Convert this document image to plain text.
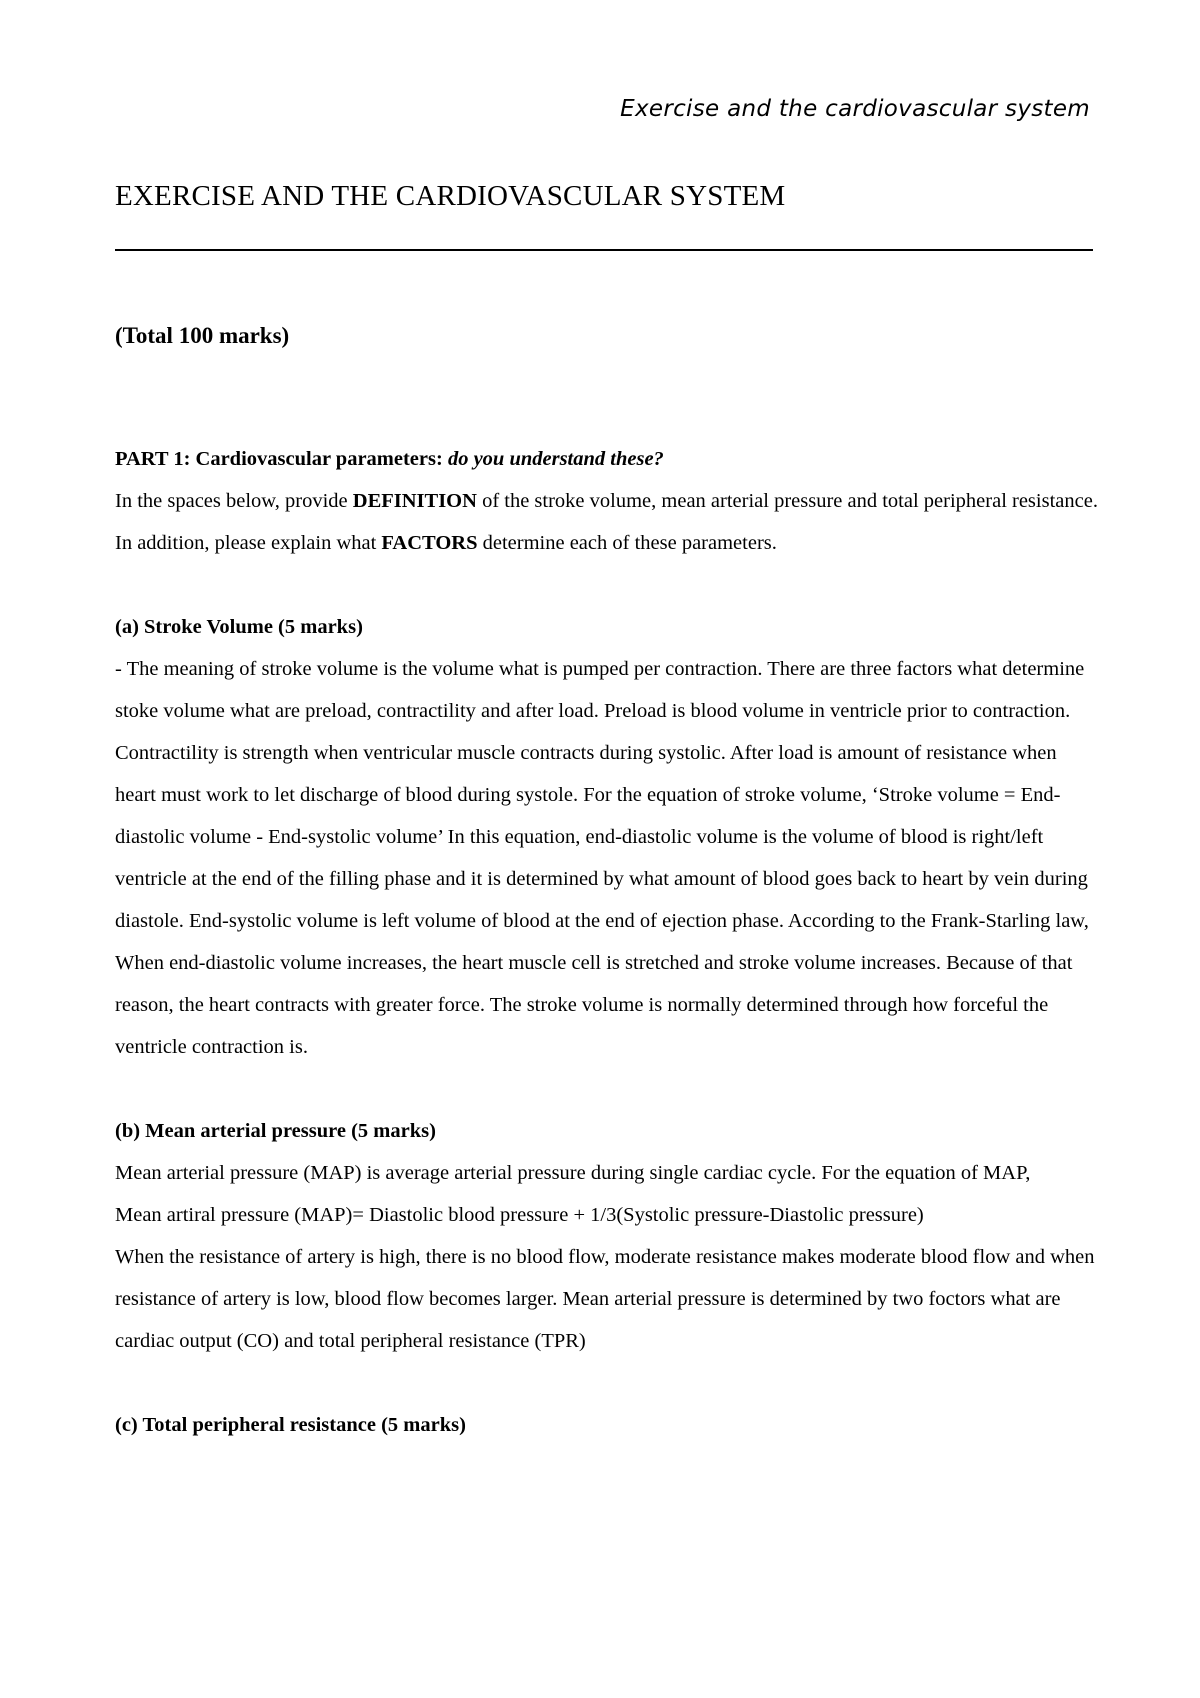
Exercise and the cardiovascular system
EXERCISE AND THE CARDIOVASCULAR SYSTEM
(Total 100 marks)

PART 1: Cardiovascular parameters: do you understand these?

In the spaces below, provide DEFINITION of the stroke volume, mean arterial pressure and total peripheral resistance. In addition, please explain what FACTORS determine each of these parameters.

(a) Stroke Volume (5 marks)

- The meaning of stroke volume is the volume what is pumped per contraction. There are three factors what determine stoke volume what are preload, contractility and after load. Preload is blood volume in ventricle prior to contraction. Contractility is strength when ventricular muscle contracts during systolic. After load is amount of resistance when heart must work to let discharge of blood during systole. For the equation of stroke volume, ‘Stroke volume = End-diastolic volume - End-systolic volume’ In this equation, end-diastolic volume is the volume of blood is right/left ventricle at the end of the filling phase and it is determined by what amount of blood goes back to heart by vein during diastole. End-systolic volume is left volume of blood at the end of ejection phase. According to the Frank-Starling law, When end-diastolic volume increases, the heart muscle cell is stretched and stroke volume increases. Because of that reason, the heart contracts with greater force. The stroke volume is normally determined through how forceful the ventricle contraction is.

(b) Mean arterial pressure (5 marks)

Mean arterial pressure (MAP) is average arterial pressure during single cardiac cycle. For the equation of MAP,

Mean artiral pressure (MAP)= Diastolic blood pressure + 1/3(Systolic pressure-Diastolic pressure)

When the resistance of artery is high, there is no blood flow, moderate resistance makes moderate blood flow and when resistance of artery is low, blood flow becomes larger. Mean arterial pressure is determined by two foctors what are cardiac output (CO) and total peripheral resistance (TPR)

(c) Total peripheral resistance (5 marks)
